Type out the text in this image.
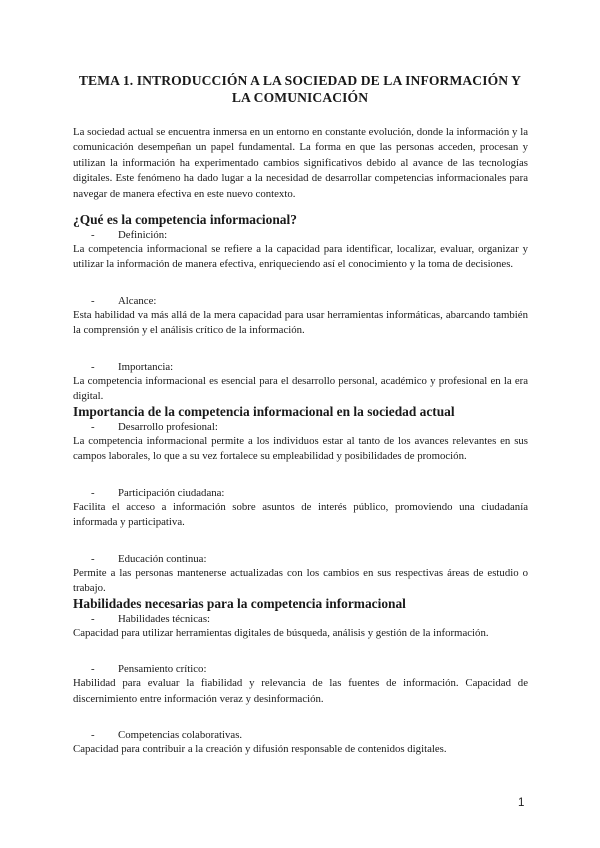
TEMA 1. INTRODUCCIÓN A LA SOCIEDAD DE LA INFORMACIÓN Y LA COMUNICACIÓN
La sociedad actual se encuentra inmersa en un entorno en constante evolución, donde la información y la comunicación desempeñan un papel fundamental. La forma en que las personas acceden, procesan y utilizan la información ha experimentado cambios significativos debido al avance de las tecnologías digitales. Este fenómeno ha dado lugar a la necesidad de desarrollar competencias informacionales para navegar de manera efectiva en este nuevo contexto.
¿Qué es la competencia informacional?
-	Definición:
La competencia informacional se refiere a la capacidad para identificar, localizar, evaluar, organizar y utilizar la información de manera efectiva, enriqueciendo así el conocimiento y la toma de decisiones.
-	Alcance:
Esta habilidad va más allá de la mera capacidad para usar herramientas informáticas, abarcando también la comprensión y el análisis crítico de la información.
-	Importancia:
La competencia informacional es esencial para el desarrollo personal, académico y profesional en la era digital.
Importancia de la competencia informacional en la sociedad actual
-	Desarrollo profesional:
La competencia informacional permite a los individuos estar al tanto de los avances relevantes en sus campos laborales, lo que a su vez fortalece su empleabilidad y posibilidades de promoción.
-	Participación ciudadana:
Facilita el acceso a información sobre asuntos de interés público, promoviendo una ciudadanía informada y participativa.
-	Educación continua:
Permite a las personas mantenerse actualizadas con los cambios en sus respectivas áreas de estudio o trabajo.
Habilidades necesarias para la competencia informacional
-	Habilidades técnicas:
Capacidad para utilizar herramientas digitales de búsqueda, análisis y gestión de la información.
-	Pensamiento crítico:
Habilidad para evaluar la fiabilidad y relevancia de las fuentes de información. Capacidad de discernimiento entre información veraz y desinformación.
-	Competencias colaborativas.
Capacidad para contribuir a la creación y difusión responsable de contenidos digitales.
1
